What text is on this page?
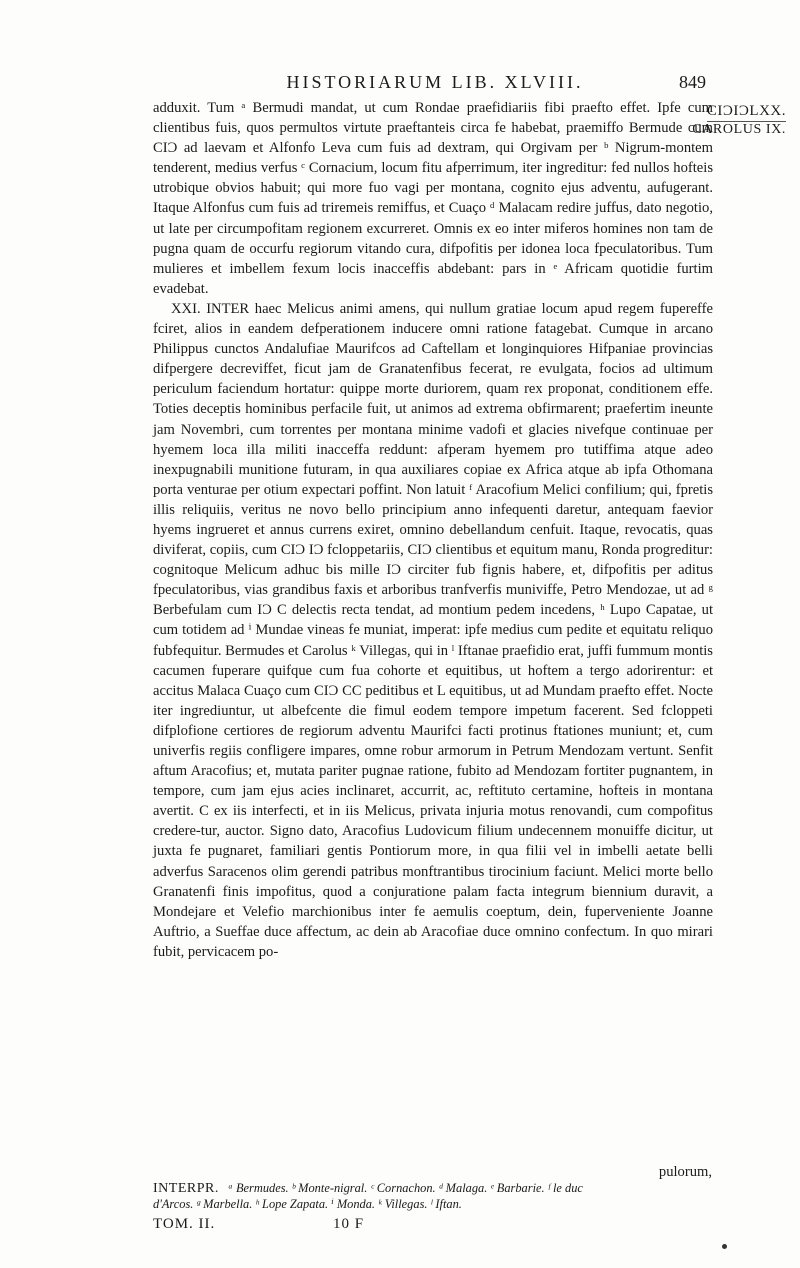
HISTORIARUM LIB. XLVIII.	849
CIƆIƆLXX.
CAROLUS IX.

adduxit. Tum ᵃ Bermudi mandat, ut cum Rondae praefidiariis fibi praefto effet. Ipfe cum clientibus fuis, quos permultos virtute praeftanteis circa fe habebat, praemiffo Bermude cum CIƆ ad laevam et Alfonfo Leva cum fuis ad dextram, qui Orgivam per ᵇ Nigrum-montem tenderent, medius verfus ᶜ Cornacium, locum fitu afperrimum, iter ingreditur: fed nullos hofteis utrobique obvios habuit; qui more fuo vagi per montana, cognito ejus adventu, aufugerant. Itaque Alfonfus cum fuis ad triremeis remiffus, et Cuaço ᵈ Malacam redire juffus, dato negotio, ut late per circumpofitam regionem excurreret. Omnis ex eo inter miferos homines non tam de pugna quam de occurfu regiorum vitando cura, difpofitis per idonea loca fpeculatoribus. Tum mulieres et imbellem fexum locis inacceffis abdebant: pars in ᵉ Africam quotidie furtim evadebat.

XXI. INTER haec Melicus animi amens, qui nullum gratiae locum apud regem fupereffe fciret, alios in eandem defperationem inducere omni ratione fatagebat. Cumque in arcano Philippus cunctos Andalufiae Maurifcos ad Caftellam et longinquiores Hifpaniae provincias difpergere decreviffet, ficut jam de Granatenfibus fecerat, re evulgata, focios ad ultimum periculum faciendum hortatur: quippe morte duriorem, quam rex proponat, conditionem effe. Toties deceptis hominibus perfacile fuit, ut animos ad extrema obfirmarent; praefertim ineunte jam Novembri, cum torrentes per montana minime vadofi et glacies nivefque continuae per hyemem loca illa militi inacceffa reddunt: afperam hyemem pro tutiffima atque adeo inexpugnabili munitione futuram, in qua auxiliares copiae ex Africa atque ab ipfa Othomana porta venturae per otium expectari poffint. Non latuit ᶠ Aracofium Melici confilium; qui, fpretis illis reliquiis, veritus ne novo bello principium anno infequenti daretur, antequam faevior hyems ingrueret et annus currens exiret, omnino debellandum cenfuit. Itaque, revocatis, quas diviferat, copiis, cum CIƆ IƆ fcloppetariis, CIƆ clientibus et equitum manu, Ronda progreditur: cognitoque Melicum adhuc bis mille IƆ circiter fub fignis habere, et, difpofitis per aditus fpeculatoribus, vias grandibus faxis et arboribus tranfverfis muniviffe, Petro Mendozae, ut ad ᵍ Berbefulam cum IƆ C delectis recta tendat, ad montium pedem incedens, ʰ Lupo Capatae, ut cum totidem ad ⁱ Mundae vineas fe muniat, imperat: ipfe medius cum pedite et equitatu reliquo fubfequitur. Bermudes et Carolus ᵏ Villegas, qui in ˡ Iftanae praefidio erat, juffi fummum montis cacumen fuperare quifque cum fua cohorte et equitibus, ut hoftem a tergo adorirentur: et accitus Malaca Cuaço cum CIƆ CC peditibus et L equitibus, ut ad Mundam praefto effet. Nocte iter ingrediuntur, ut albefcente die fimul eodem tempore impetum facerent. Sed fcloppeti difplofione certiores de regiorum adventu Maurifci facti protinus ftationes muniunt; et, cum univerfis regiis confligere impares, omne robur armorum in Petrum Mendozam vertunt. Senfit aftum Aracofius; et, mutata pariter pugnae ratione, fubito ad Mendozam fortiter pugnantem, in tempore, cum jam ejus acies inclinaret, accurrit, ac, reftituto certamine, hofteis in montana avertit. C ex iis interfecti, et in iis Melicus, privata injuria motus renovandi, cum compofitus credere-tur, auctor. Signo dato, Aracofius Ludovicum filium undecennem monuiffe dicitur, ut juxta fe pugnaret, familiari gentis Pontiorum more, in qua filii vel in imbelli aetate belli adverfus Saracenos olim gerendi patribus monftrantibus tirocinium faciunt. Melici morte bello Granatenfi finis impofitus, quod a conjuratione palam facta integrum biennium duravit, a Mondejare et Velefio marchionibus inter fe aemulis coeptum, dein, fuperveniente Joanne Auftrio, a Sueffae duce affectum, ac dein ab Aracofiae duce omnino confectum. In quo mirari fubit, pervicacem po-

pulorum,
INTERPR. ᵃ Bermudes. ᵇ Monte-nigral. ᶜ Cornachon. ᵈ Malaga. ᵉ Barbarie. ᶠ le duc
d'Arcos. ᵍ Marbella. ʰ Lope Zapata. ⁱ Monda. ᵏ Villegas. ˡ Iftan.
TOM. II.	10 F
